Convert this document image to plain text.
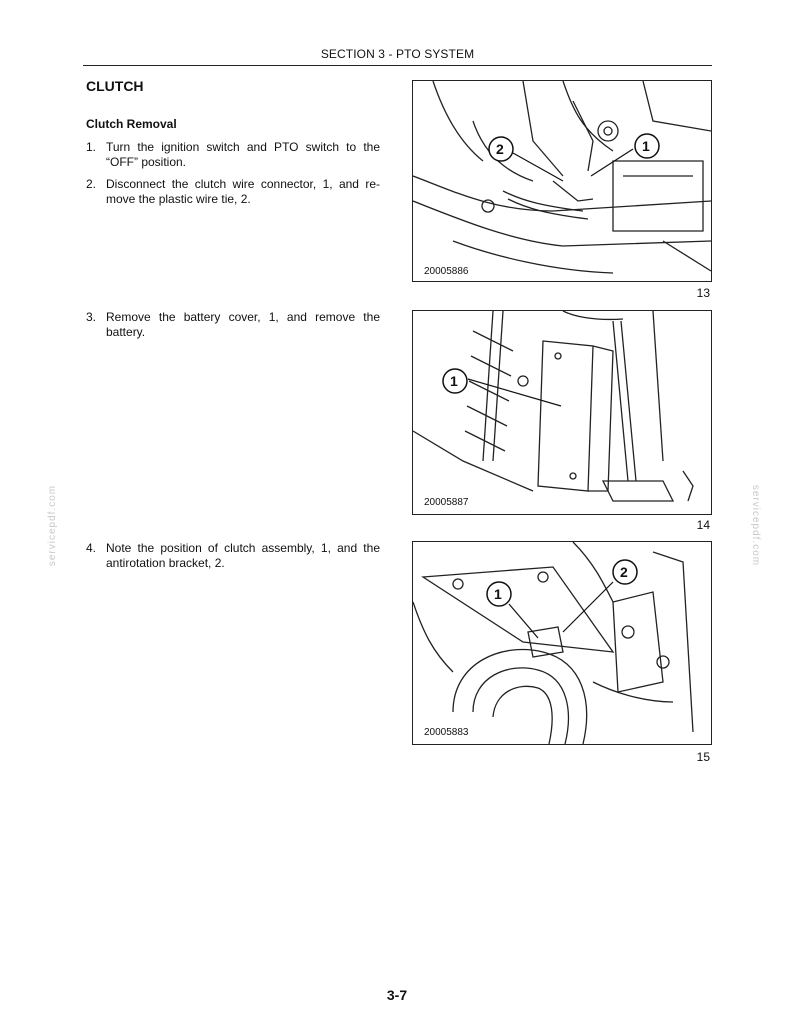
SECTION 3 - PTO SYSTEM
CLUTCH
Clutch Removal
1. Turn the ignition switch and PTO switch to the “OFF” position.
2. Disconnect the clutch wire connector, 1, and re-move the plastic wire tie, 2.
3. Remove the battery cover, 1, and remove the battery.
4. Note the position of clutch assembly, 1, and the antirotation bracket, 2.
2	1
20005886
13
1
20005887
14
1
2
20005883
15
servicepdf.com	servicepdf.com
3-7
